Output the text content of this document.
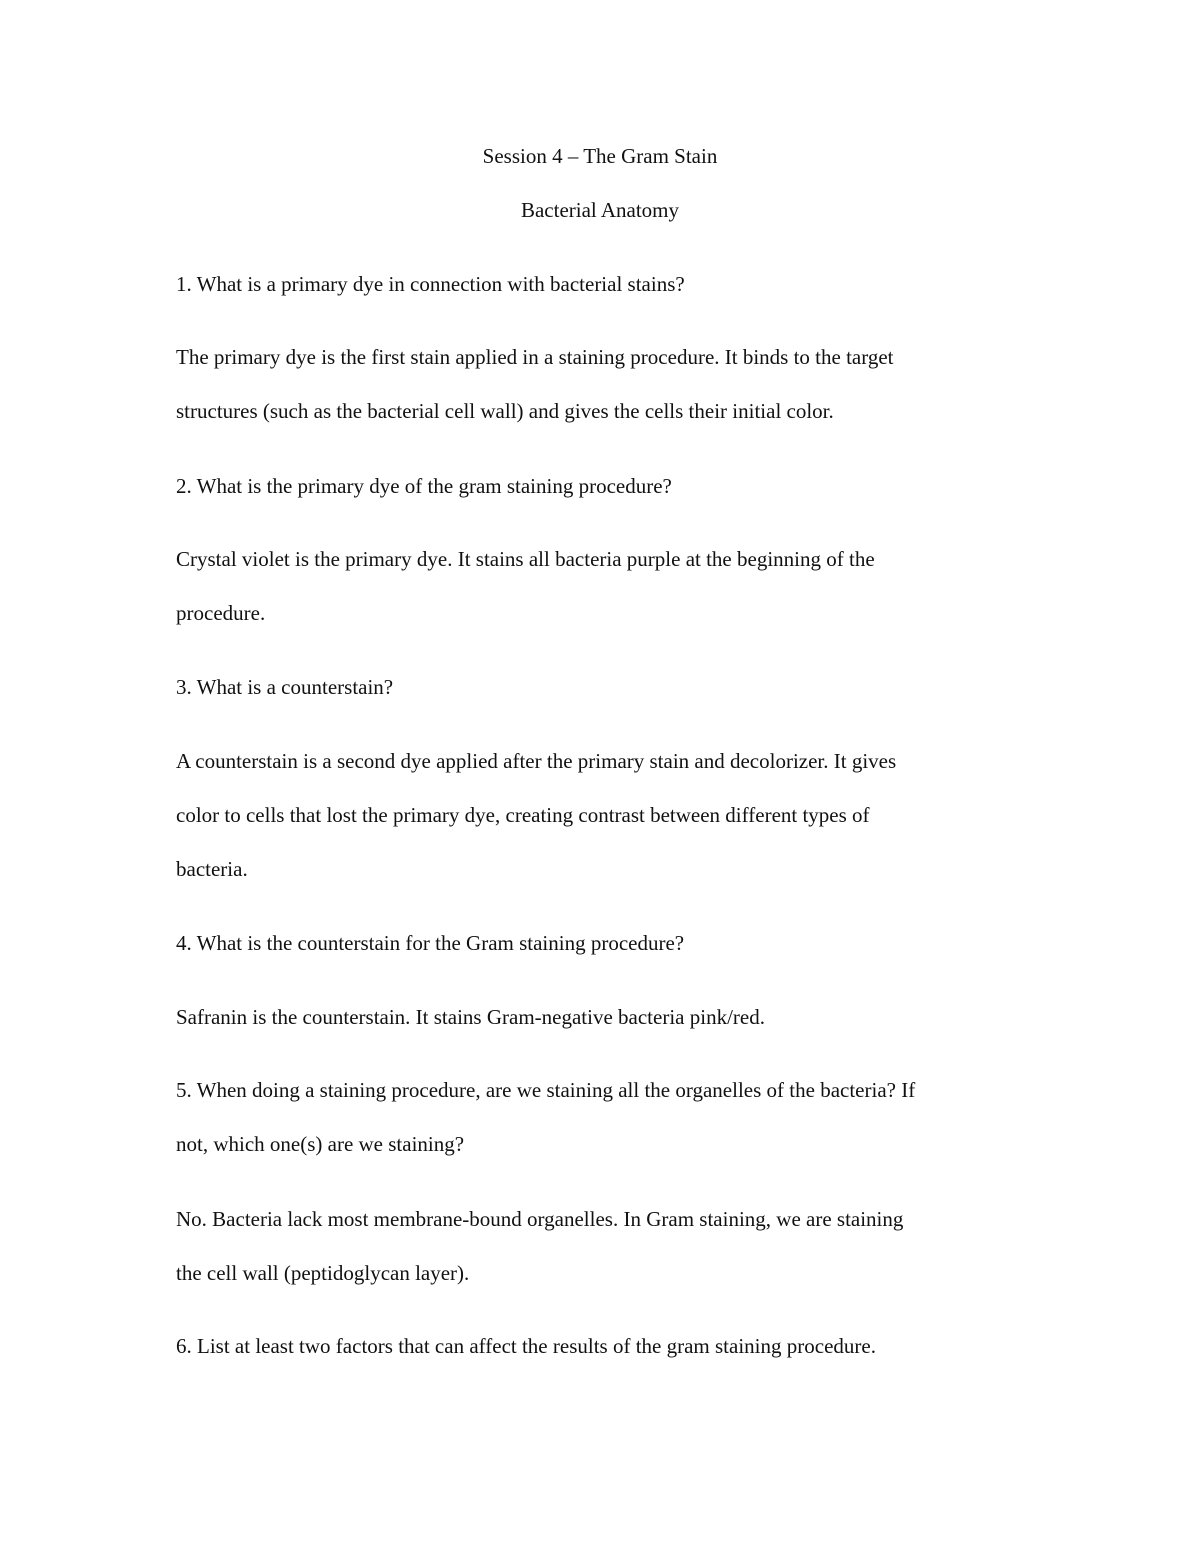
Session 4 – The Gram Stain
Bacterial Anatomy
1. What is a primary dye in connection with bacterial stains?
The primary dye is the first stain applied in a staining procedure. It binds to the target
structures (such as the bacterial cell wall) and gives the cells their initial color.
2. What is the primary dye of the gram staining procedure?
Crystal violet is the primary dye. It stains all bacteria purple at the beginning of the
procedure.
3. What is a counterstain?
A counterstain is a second dye applied after the primary stain and decolorizer. It gives
color to cells that lost the primary dye, creating contrast between different types of
bacteria.
4. What is the counterstain for the Gram staining procedure?
Safranin is the counterstain. It stains Gram-negative bacteria pink/red.
5. When doing a staining procedure, are we staining all the organelles of the bacteria? If
not, which one(s) are we staining?
No. Bacteria lack most membrane-bound organelles. In Gram staining, we are staining
the cell wall (peptidoglycan layer).
6. List at least two factors that can affect the results of the gram staining procedure.
